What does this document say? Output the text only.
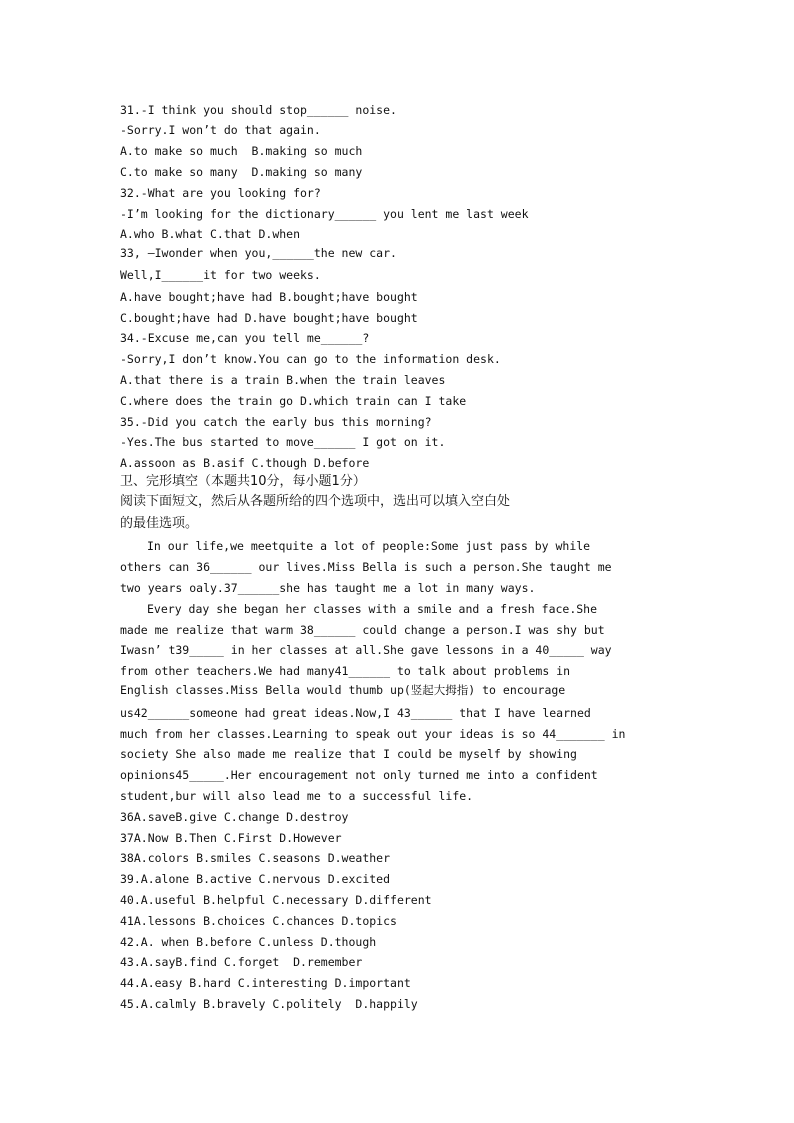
31.-I think you should stop______ noise.

-Sorry.I won’t do that again.

A.to make so much  B.making so much

C.to make so many  D.making so many

32.-What are you looking for?

-I’m looking for the dictionary______ you lent me last week

A.who B.what C.that D.when

33, —Iwonder when you,______the new car.

Well,I______it for two weeks.

A.have bought;have had B.bought;have bought

C.bought;have had D.have bought;have bought

34.-Excuse me,can you tell me______?

-Sorry,I don’t know.You can go to the information desk.

A.that there is a train B.when the train leaves

C.where does the train go D.which train can I take

35.-Did you catch the early bus this morning?

-Yes.The bus started to move______ I got on it.

A.assoon as B.asif C.though D.before

卫、完形填空（本题共10分，每小题1分）

阅读下面短文，然后从各题所给的四个选项中，选出可以填入空白处

的最佳选项。

In our life,we meetquite a lot of people:Some just pass by while

others can 36______ our lives.Miss Bella is such a person.She taught me

two years oaly.37______she has taught me a lot in many ways.

Every day she began her classes with a smile and a fresh face.She

made me realize that warm 38______ could change a person.I was shy but

Iwasn’ t39_____ in her classes at all.She gave lessons in a 40_____ way

from other teachers.We had many41______ to talk about problems in

English classes.Miss Bella would thumb up(竖起大拇指) to encourage

us42______someone had great ideas.Now,I 43______ that I have learned

much from her classes.Learning to speak out your ideas is so 44_______ in

society She also made me realize that I could be myself by showing

opinions45_____.Her encouragement not only turned me into a confident

student,bur will also lead me to a successful life.

36A.saveB.give C.change D.destroy

37A.Now B.Then C.First D.However

38A.colors B.smiles C.seasons D.weather

39.A.alone B.active C.nervous D.excited

40.A.useful B.helpful C.necessary D.different

41A.lessons B.choices C.chances D.topics

42.A. when B.before C.unless D.though

43.A.sayB.find C.forget  D.remember

44.A.easy B.hard C.interesting D.important

45.A.calmly B.bravely C.politely  D.happily
